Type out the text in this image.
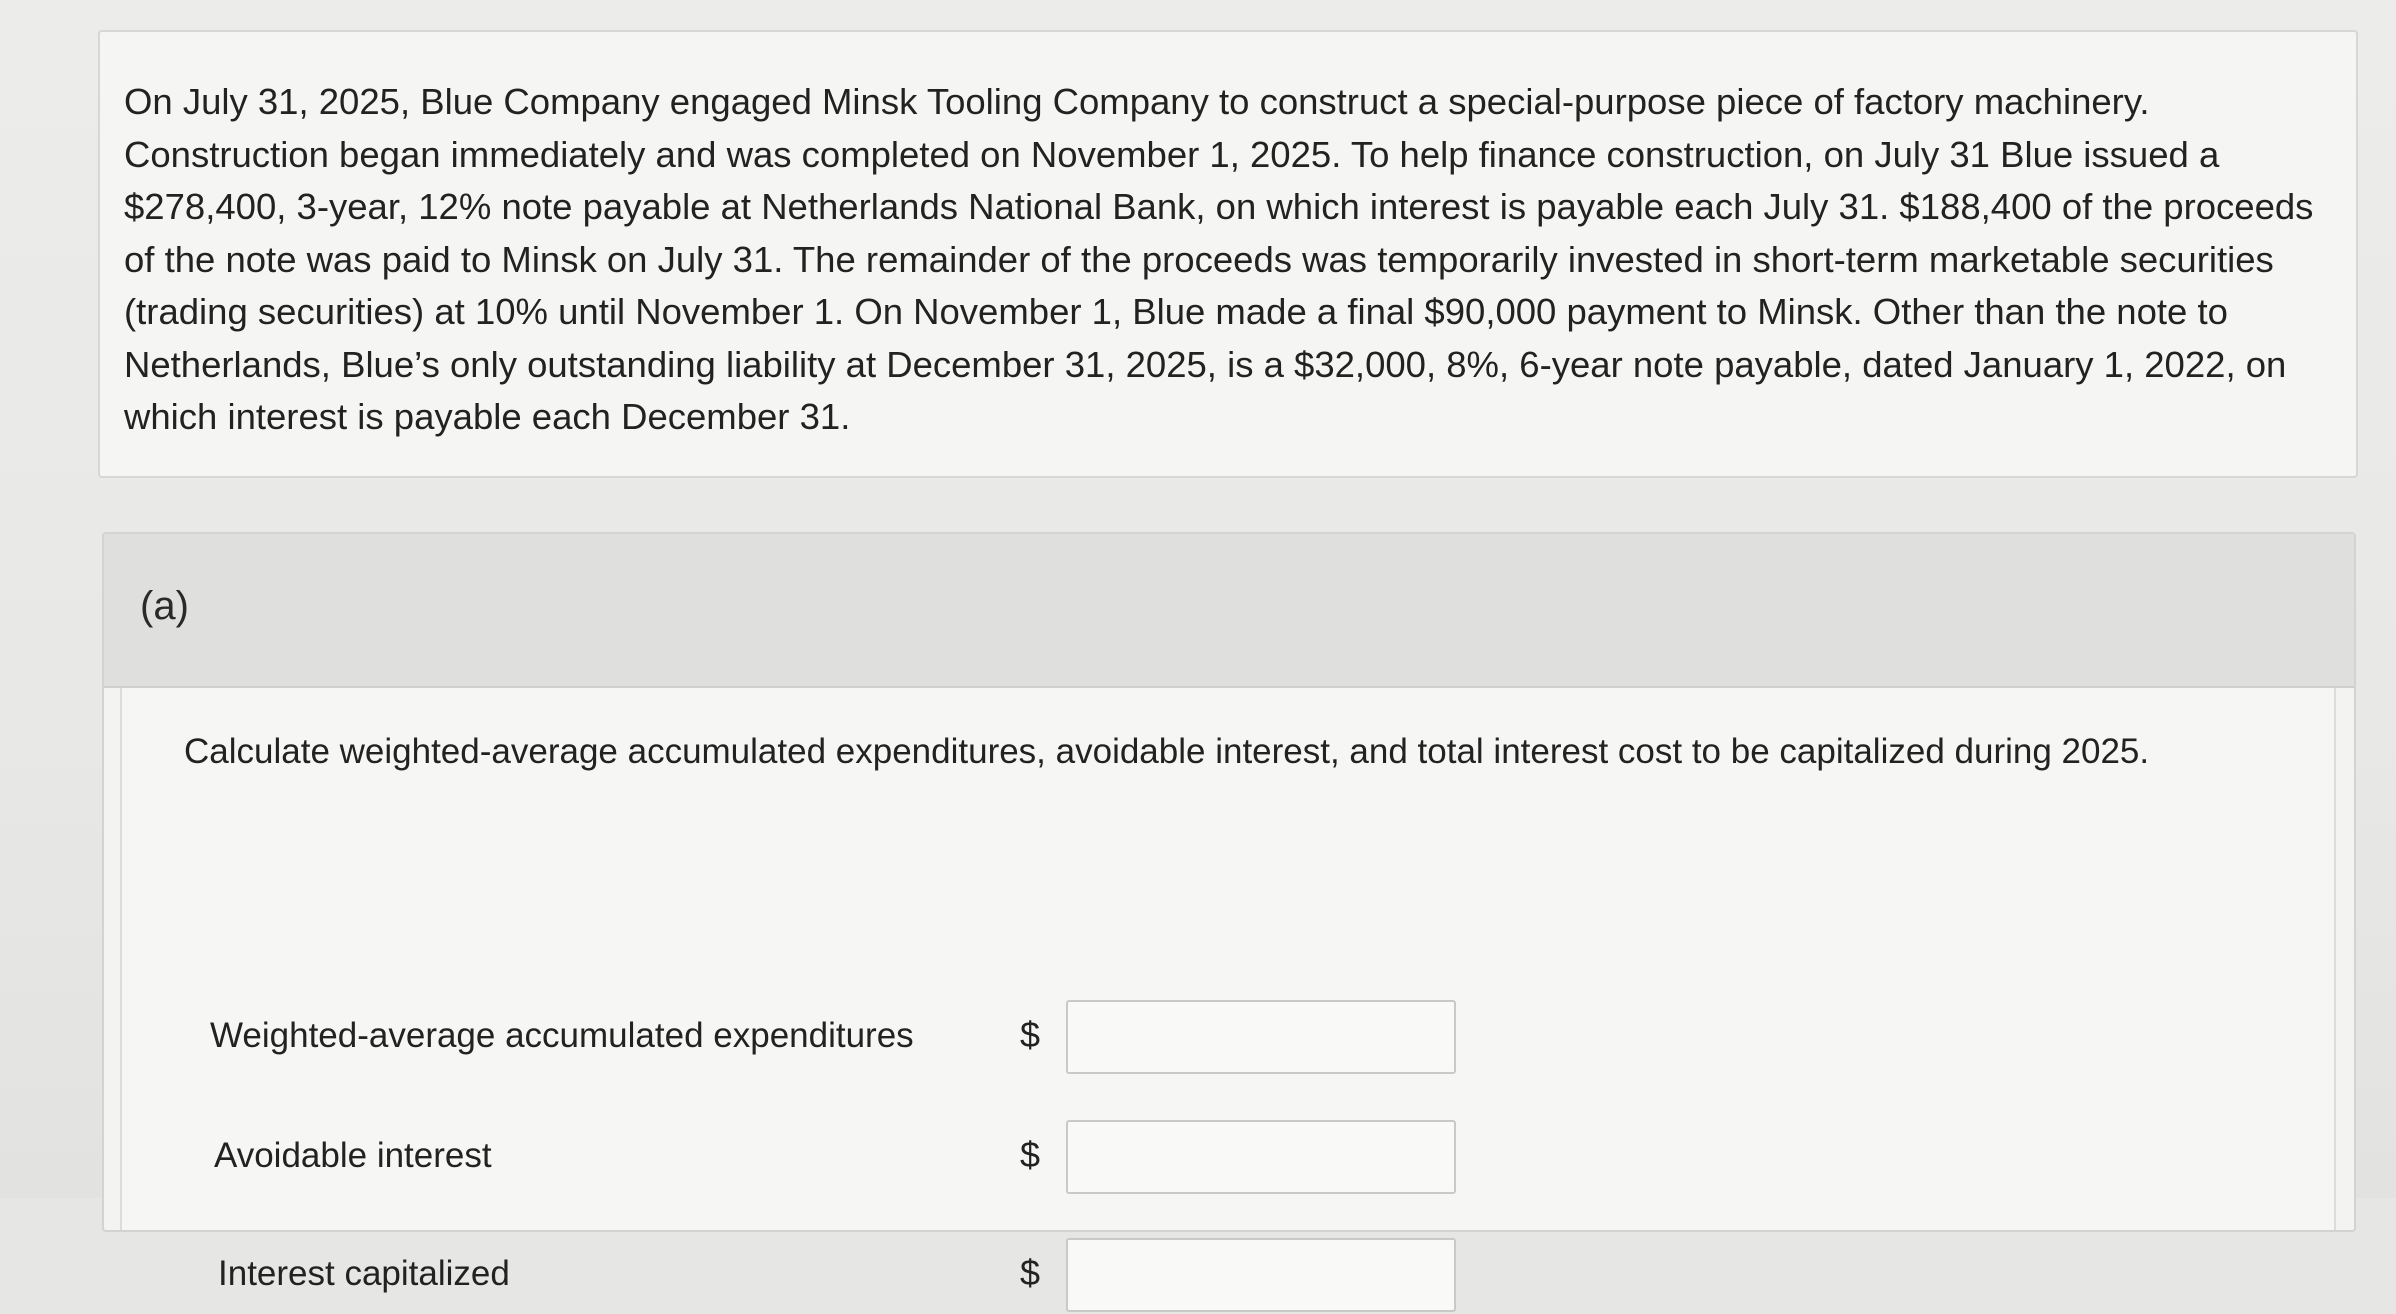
On July 31, 2025, Blue Company engaged Minsk Tooling Company to construct a special-purpose piece of factory machinery. Construction began immediately and was completed on November 1, 2025. To help finance construction, on July 31 Blue issued a $278,400, 3-year, 12% note payable at Netherlands National Bank, on which interest is payable each July 31. $188,400 of the proceeds of the note was paid to Minsk on July 31. The remainder of the proceeds was temporarily invested in short-term marketable securities (trading securities) at 10% until November 1. On November 1, Blue made a final $90,000 payment to Minsk. Other than the note to Netherlands, Blue’s only outstanding liability at December 31, 2025, is a $32,000, 8%, 6-year note payable, dated January 1, 2022, on which interest is payable each December 31.

(a)
Calculate weighted-average accumulated expenditures, avoidable interest, and total interest cost to be capitalized during 2025.
Weighted-average accumulated expenditures	$
Avoidable interest	$
Interest capitalized	$
